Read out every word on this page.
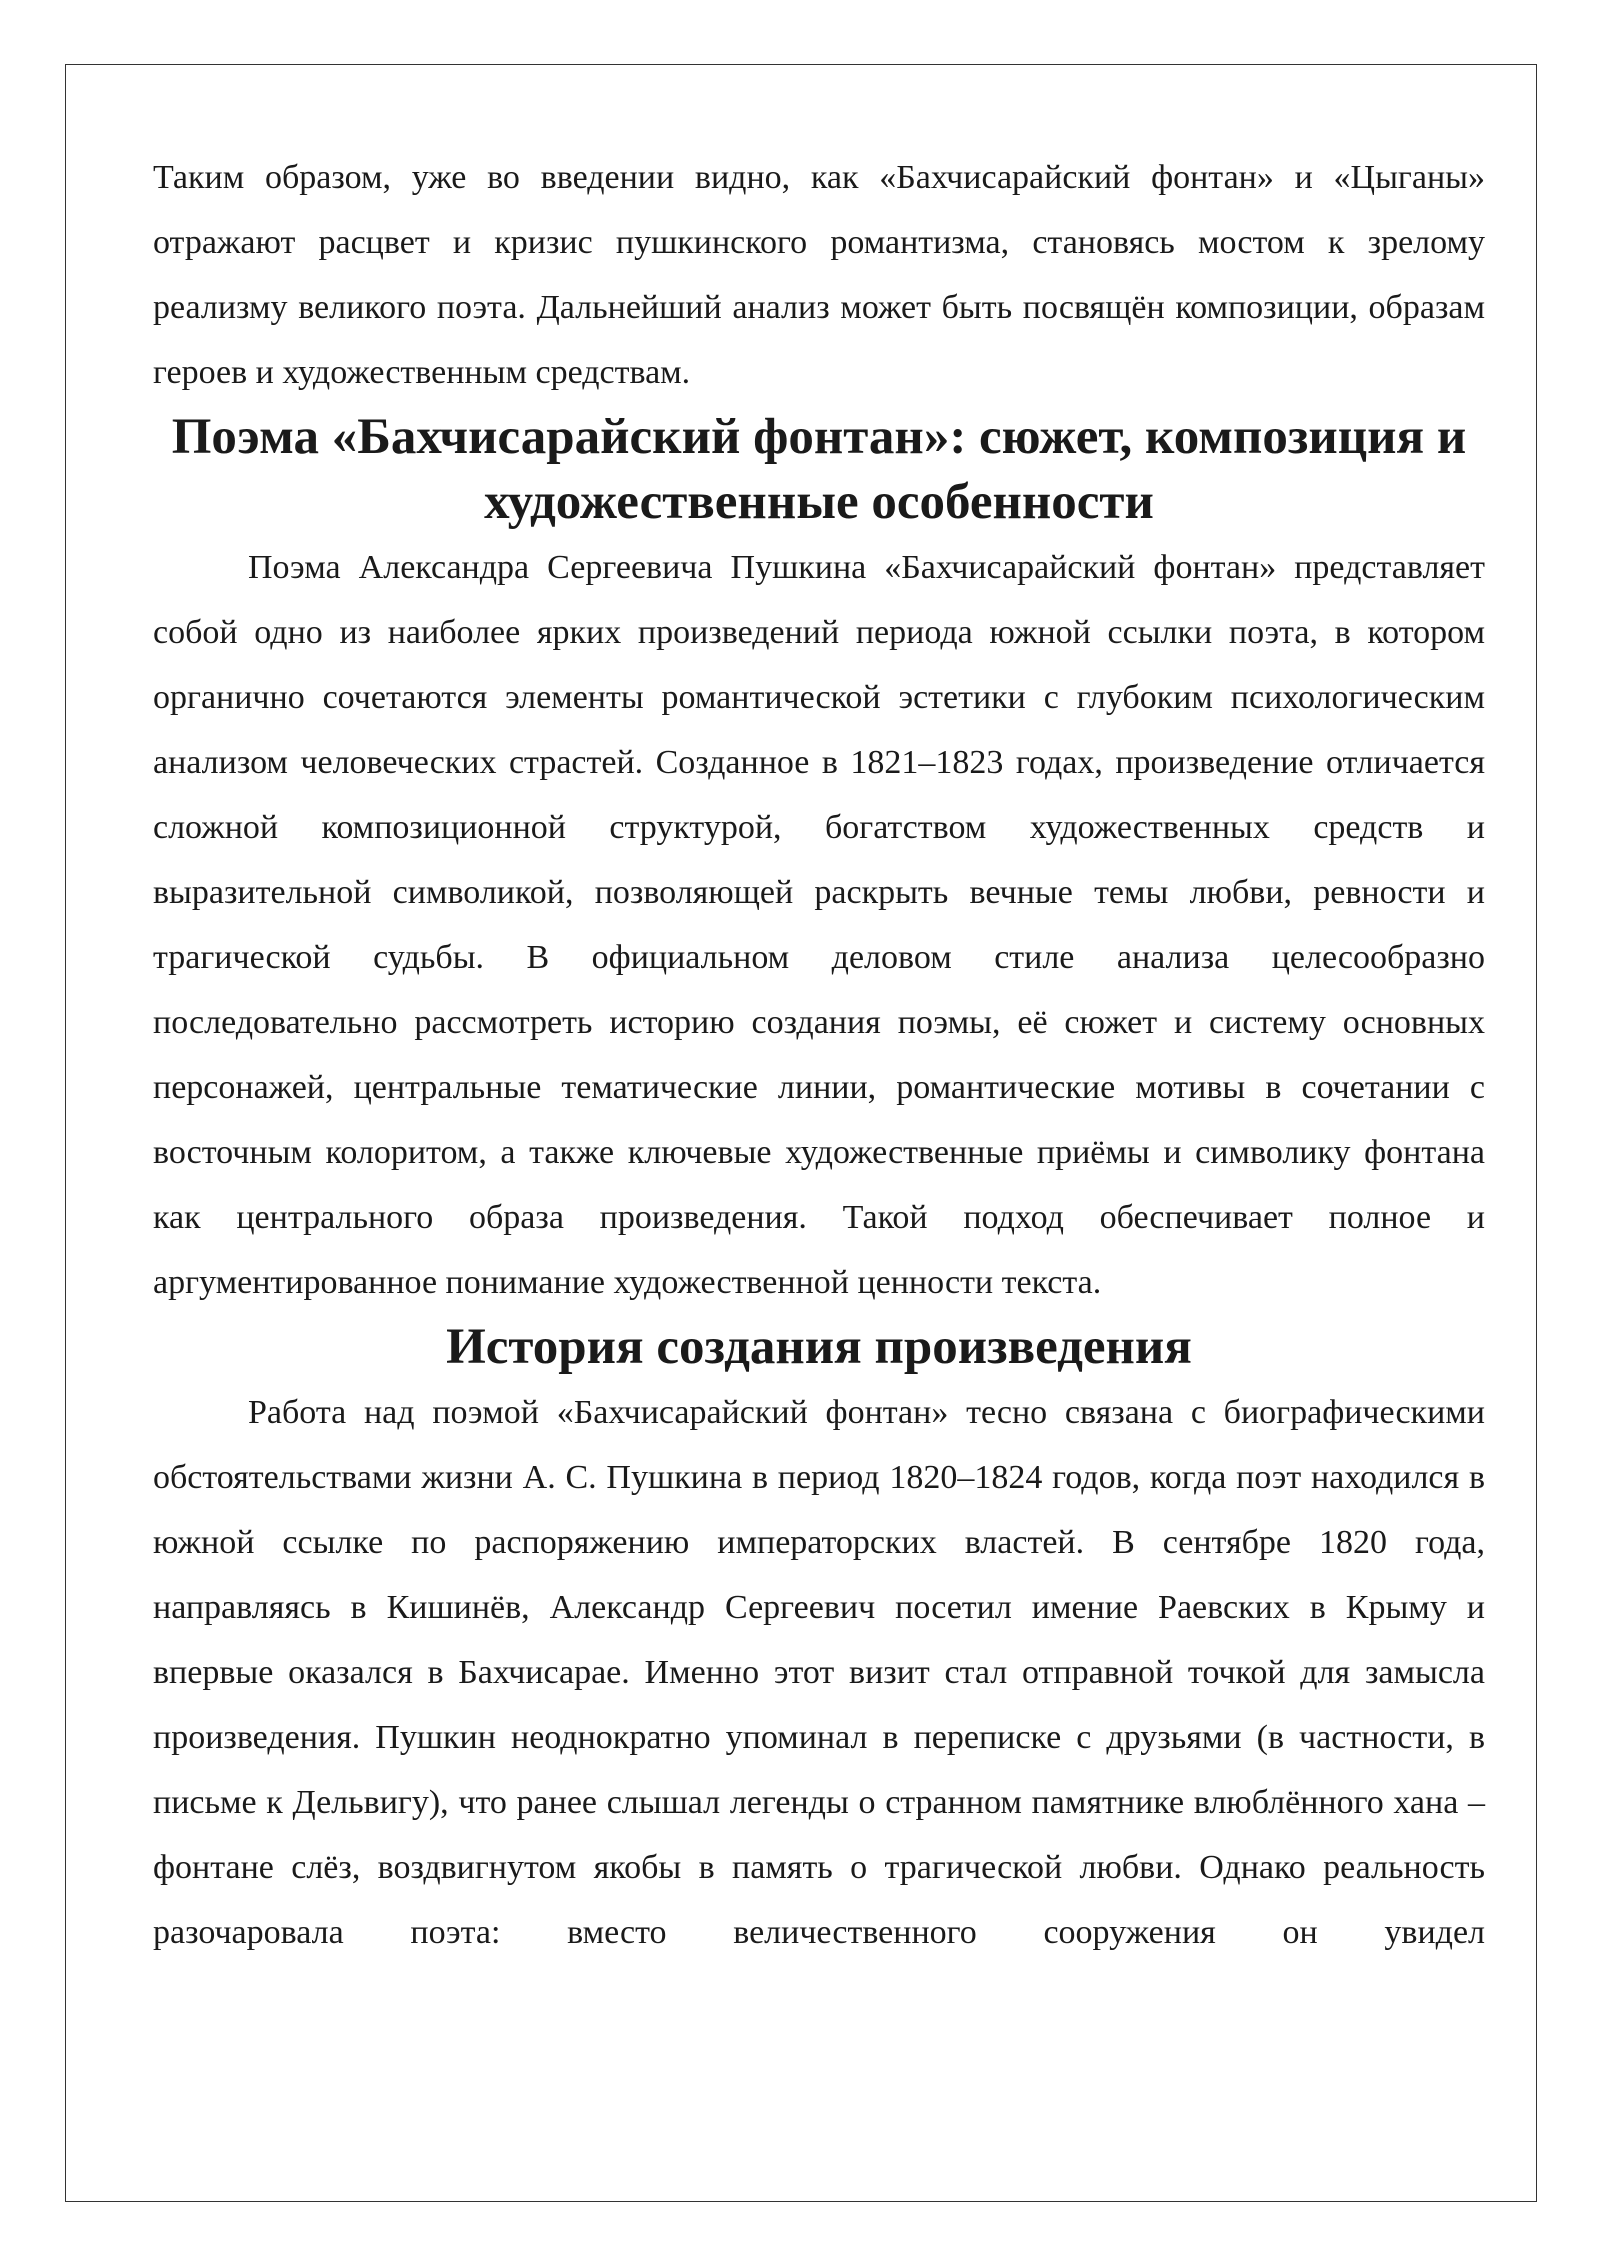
Таким образом, уже во введении видно, как «Бахчисарайский фонтан» и «Цыганы» отражают расцвет и кризис пушкинского романтизма, становясь мостом к зрелому реализму великого поэта. Дальнейший анализ может быть посвящён композиции, образам героев и художественным средствам.

Поэма «Бахчисарайский фонтан»: сюжет, композиция и художественные особенности

Поэма Александра Сергеевича Пушкина «Бахчисарайский фонтан» представляет собой одно из наиболее ярких произведений периода южной ссылки поэта, в котором органично сочетаются элементы романтической эстетики с глубоким психологическим анализом человеческих страстей. Созданное в 1821–1823 годах, произведение отличается сложной композиционной структурой, богатством художественных средств и выразительной символикой, позволяющей раскрыть вечные темы любви, ревности и трагической судьбы. В официальном деловом стиле анализа целесообразно последовательно рассмотреть историю создания поэмы, её сюжет и систему основных персонажей, центральные тематические линии, романтические мотивы в сочетании с восточным колоритом, а также ключевые художественные приёмы и символику фонтана как центрального образа произведения. Такой подход обеспечивает полное и аргументированное понимание художественной ценности текста.

История создания произведения

Работа над поэмой «Бахчисарайский фонтан» тесно связана с биографическими обстоятельствами жизни А. С. Пушкина в период 1820–1824 годов, когда поэт находился в южной ссылке по распоряжению императорских властей. В сентябре 1820 года, направляясь в Кишинёв, Александр Сергеевич посетил имение Раевских в Крыму и впервые оказался в Бахчисарае. Именно этот визит стал отправной точкой для замысла произведения. Пушкин неоднократно упоминал в переписке с друзьями (в частности, в письме к Дельвигу), что ранее слышал легенды о странном памятнике влюблённого хана – фонтане слёз, воздвигнутом якобы в память о трагической любви. Однако реальность разочаровала поэта: вместо величественного сооружения он увидел
